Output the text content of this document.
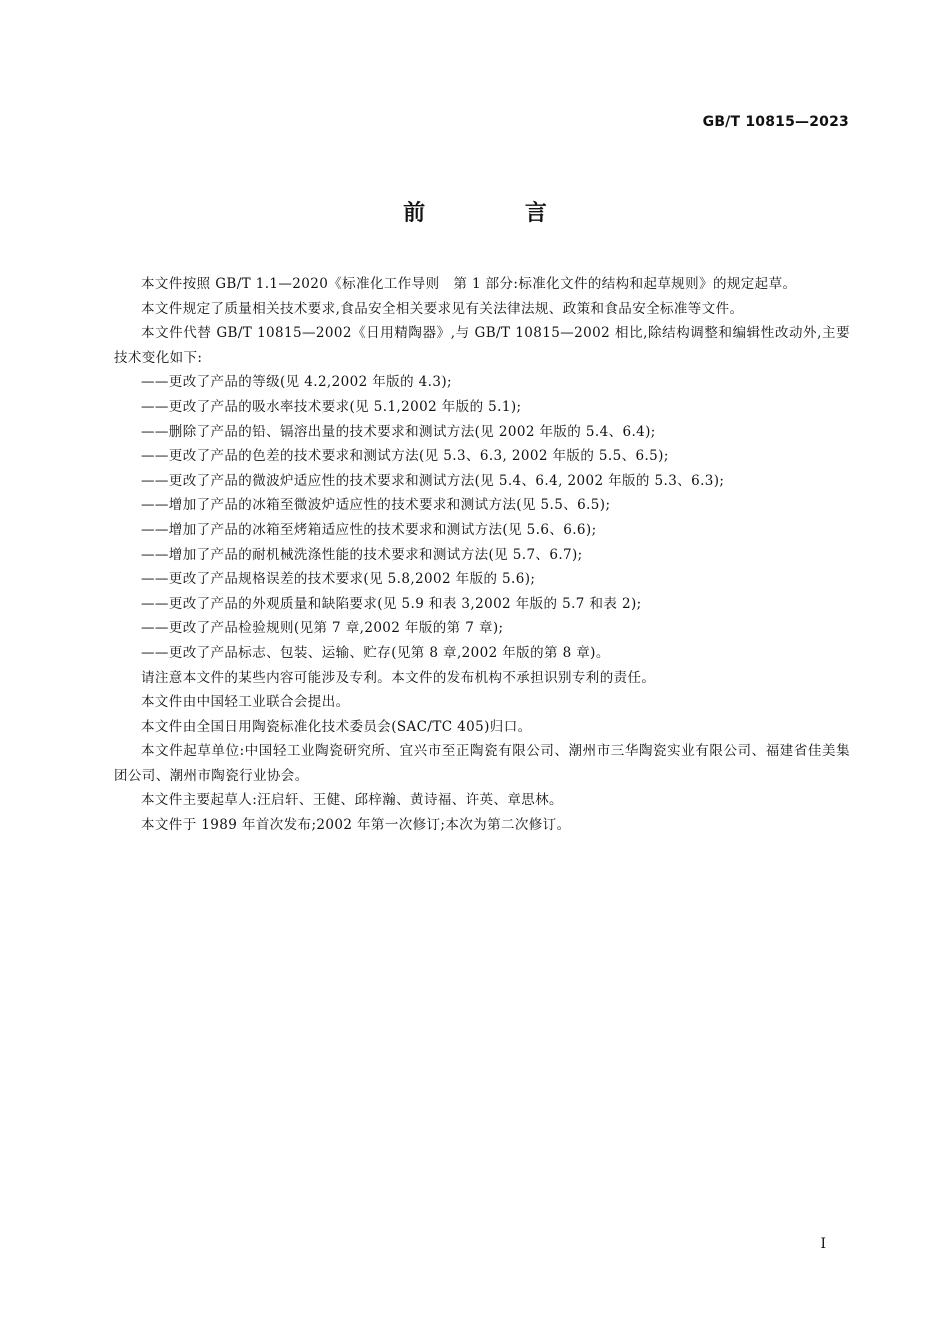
GB/T 10815—2023
前 言

本文件按照 GB/T 1.1—2020《标准化工作导则　第 1 部分:标准化文件的结构和起草规则》的规定起草。

本文件规定了质量相关技术要求,食品安全相关要求见有关法律法规、政策和食品安全标准等文件。

本文件代替 GB/T 10815—2002《日用精陶器》,与 GB/T 10815—2002 相比,除结构调整和编辑性改动外,主要技术变化如下:

——更改了产品的等级(见 4.2,2002 年版的 4.3);

——更改了产品的吸水率技术要求(见 5.1,2002 年版的 5.1);

——删除了产品的铅、镉溶出量的技术要求和测试方法(见 2002 年版的 5.4、6.4);

——更改了产品的色差的技术要求和测试方法(见 5.3、6.3, 2002 年版的 5.5、6.5);

——更改了产品的微波炉适应性的技术要求和测试方法(见 5.4、6.4, 2002 年版的 5.3、6.3);

——增加了产品的冰箱至微波炉适应性的技术要求和测试方法(见 5.5、6.5);

——增加了产品的冰箱至烤箱适应性的技术要求和测试方法(见 5.6、6.6);

——增加了产品的耐机械洗涤性能的技术要求和测试方法(见 5.7、6.7);

——更改了产品规格误差的技术要求(见 5.8,2002 年版的 5.6);

——更改了产品的外观质量和缺陷要求(见 5.9 和表 3,2002 年版的 5.7 和表 2);

——更改了产品检验规则(见第 7 章,2002 年版的第 7 章);

——更改了产品标志、包装、运输、贮存(见第 8 章,2002 年版的第 8 章)。

请注意本文件的某些内容可能涉及专利。本文件的发布机构不承担识别专利的责任。

本文件由中国轻工业联合会提出。

本文件由全国日用陶瓷标准化技术委员会(SAC/TC 405)归口。

本文件起草单位:中国轻工业陶瓷研究所、宜兴市至正陶瓷有限公司、潮州市三华陶瓷实业有限公司、福建省佳美集团公司、潮州市陶瓷行业协会。

本文件主要起草人:汪启轩、王健、邱梓瀚、黄诗福、许英、章思林。

本文件于 1989 年首次发布;2002 年第一次修订;本次为第二次修订。

I
